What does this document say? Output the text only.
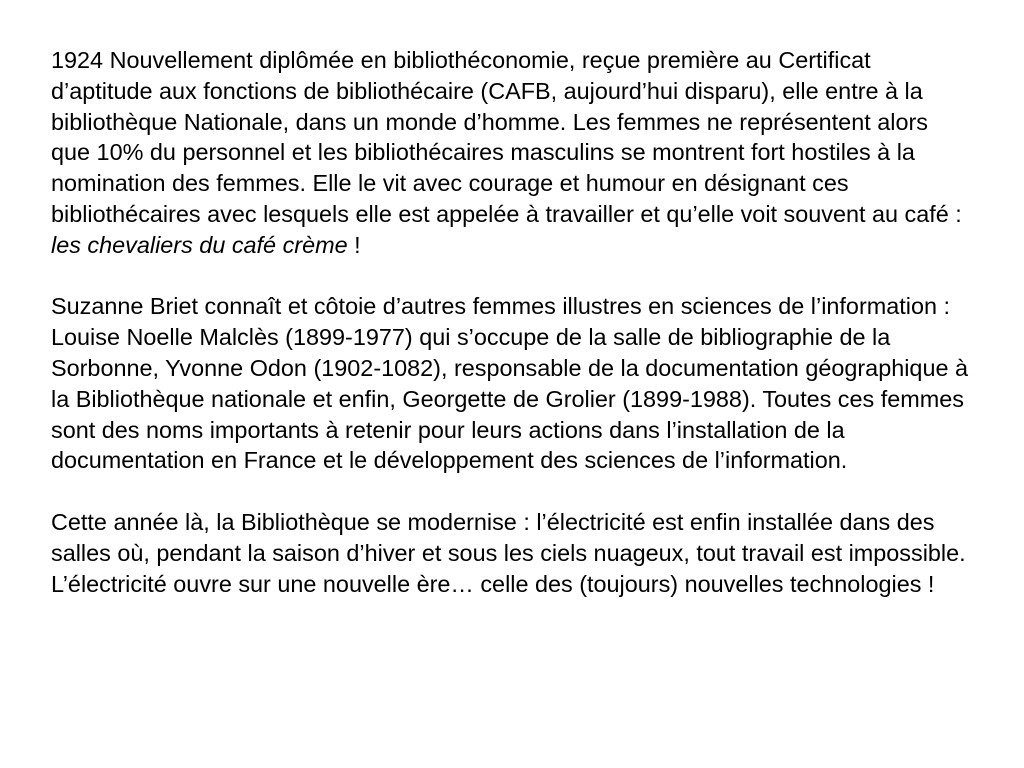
1924 Nouvellement diplômée en bibliothéconomie, reçue première au Certificat
d’aptitude aux fonctions de bibliothécaire (CAFB, aujourd’hui disparu), elle entre à la
bibliothèque Nationale, dans un monde d’homme. Les femmes ne représentent alors
que 10% du personnel et les bibliothécaires masculins se montrent fort hostiles à la
nomination des femmes. Elle le vit avec courage et humour en désignant ces
bibliothécaires avec lesquels elle est appelée à travailler et qu’elle voit souvent au café :
les chevaliers du café crème !
Suzanne Briet connaît et côtoie d’autres femmes illustres en sciences de l’information :
Louise Noelle Malclès (1899-1977) qui s’occupe de la salle de bibliographie de la
Sorbonne, Yvonne Odon (1902-1082), responsable de la documentation géographique à
la Bibliothèque nationale et enfin, Georgette de Grolier (1899-1988). Toutes ces femmes
sont des noms importants à retenir pour leurs actions dans l’installation de la
documentation en France et le développement des sciences de l’information.
Cette année là, la Bibliothèque se modernise : l’électricité est enfin installée dans des
salles où, pendant la saison d’hiver et sous les ciels nuageux, tout travail est impossible.
L’électricité ouvre sur une nouvelle ère… celle des (toujours) nouvelles technologies !
